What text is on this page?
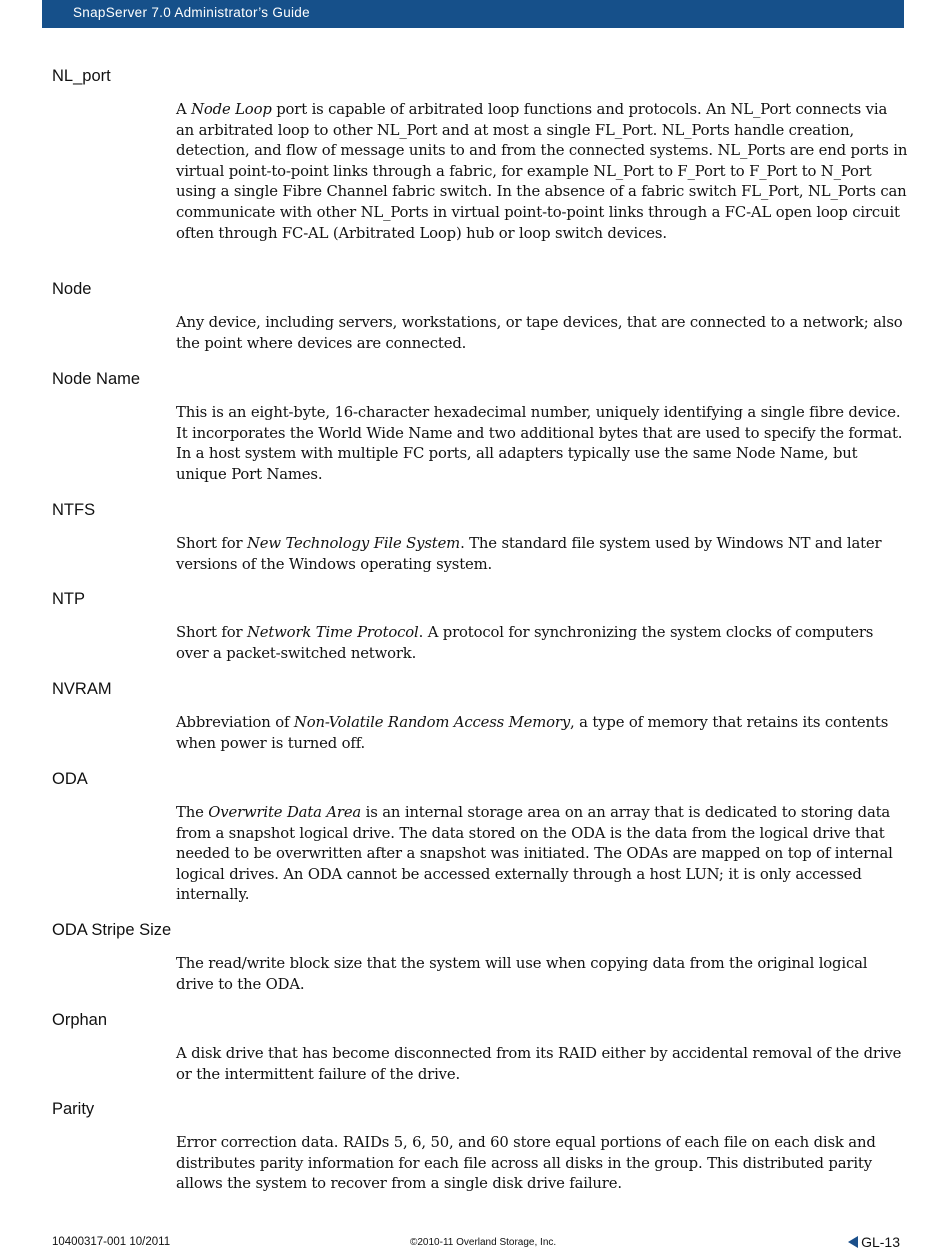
SnapServer 7.0 Administrator’s Guide
NL_port
A Node Loop port is capable of arbitrated loop functions and protocols. An NL_Port connects via an arbitrated loop to other NL_Port and at most a single FL_Port. NL_Ports handle creation, detection, and flow of message units to and from the connected systems. NL_Ports are end ports in virtual point-to-point links through a fabric, for example NL_Port to F_Port to F_Port to N_Port using a single Fibre Channel fabric switch. In the absence of a fabric switch FL_Port, NL_Ports can communicate with other NL_Ports in virtual point-to-point links through a FC-AL open loop circuit often through FC-AL (Arbitrated Loop) hub or loop switch devices.
Node
Any device, including servers, workstations, or tape devices, that are connected to a network; also the point where devices are connected.
Node Name
This is an eight-byte, 16-character hexadecimal number, uniquely identifying a single fibre device. It incorporates the World Wide Name and two additional bytes that are used to specify the format. In a host system with multiple FC ports, all adapters typically use the same Node Name, but unique Port Names.
NTFS
Short for New Technology File System. The standard file system used by Windows NT and later versions of the Windows operating system.
NTP
Short for Network Time Protocol. A protocol for synchronizing the system clocks of computers over a packet-switched network.
NVRAM
Abbreviation of Non-Volatile Random Access Memory, a type of memory that retains its contents when power is turned off.
ODA
The Overwrite Data Area is an internal storage area on an array that is dedicated to storing data from a snapshot logical drive. The data stored on the ODA is the data from the logical drive that needed to be overwritten after a snapshot was initiated. The ODAs are mapped on top of internal logical drives. An ODA cannot be accessed externally through a host LUN; it is only accessed internally.
ODA Stripe Size
The read/write block size that the system will use when copying data from the original logical drive to the ODA.
Orphan
A disk drive that has become disconnected from its RAID either by accidental removal of the drive or the intermittent failure of the drive.
Parity
Error correction data. RAIDs 5, 6, 50, and 60 store equal portions of each file on each disk and distributes parity information for each file across all disks in the group. This distributed parity allows the system to recover from a single disk drive failure.
10400317-001 10/2011	©2010-11 Overland Storage, Inc.	GL-13
